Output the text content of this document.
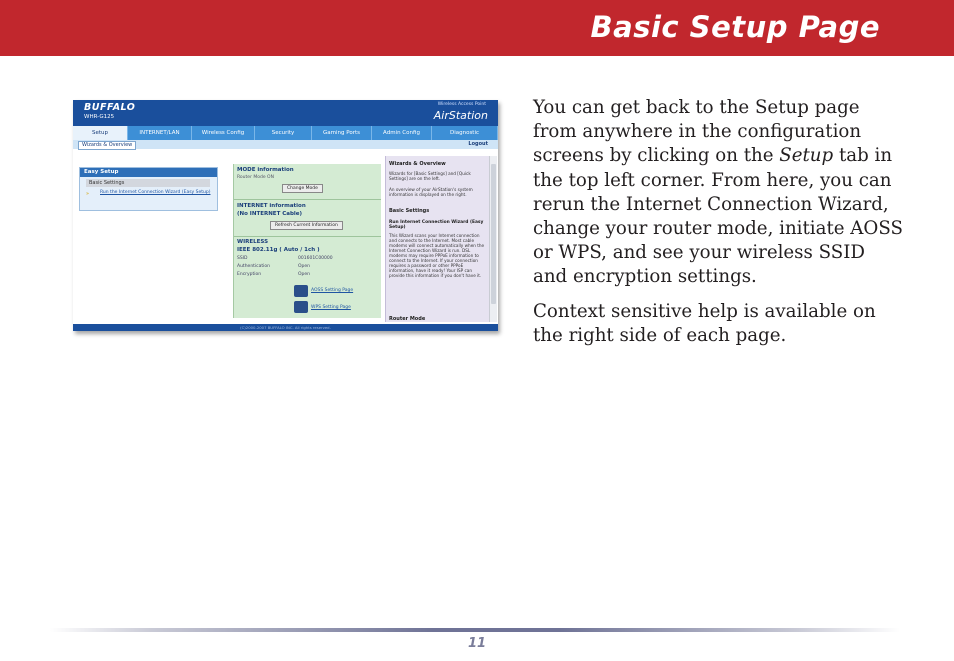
Basic Setup Page
BUFFALO
WHR-G125
Wireless Access Point
AirStation
Setup	INTERNET/LAN	Wireless Config	Security	Gaming Ports	Admin Config	Diagnostic
Wizards & Overview	Logout
Easy Setup
Basic Settings
» Run the Internet Connection Wizard (Easy Setup)
MODE information
Router Mode ON
Change Mode
INTERNET information
(No INTERNET Cable)
Refresh Current Information
WIRELESS
IEEE 802.11g ( Auto / 1ch )
SSID	001601C00000
Authentication	Open
Encryption	Open
AOSS Setting Page
WPS Setting Page
Wizards & Overview
Wizards for [Basic Settings] and [Quick Settings] are on the left.
An overview of your AirStation's system information is displayed on the right.
Basic Settings
Run Internet Connection Wizard (Easy Setup)
This Wizard scans your Internet connection and connects to the Internet. Most cable modems will connect automatically when the Internet Connection Wizard is run. DSL modems may require PPPoE information to connect to the Internet. If your connection requires a password or other PPPoE information, have it ready! Your ISP can provide this information if you don't have it.
Router Mode
(C)2000-2007 BUFFALO INC. All rights reserved.

You can get back to the Setup page from anywhere in the configuration screens by clicking on the Setup tab in the top left corner. From here, you can rerun the Internet Connection Wizard, change your router mode, initiate AOSS or WPS, and see your wireless SSID and encryption settings.

Context sensitive help is available on the right side of each page.

11
